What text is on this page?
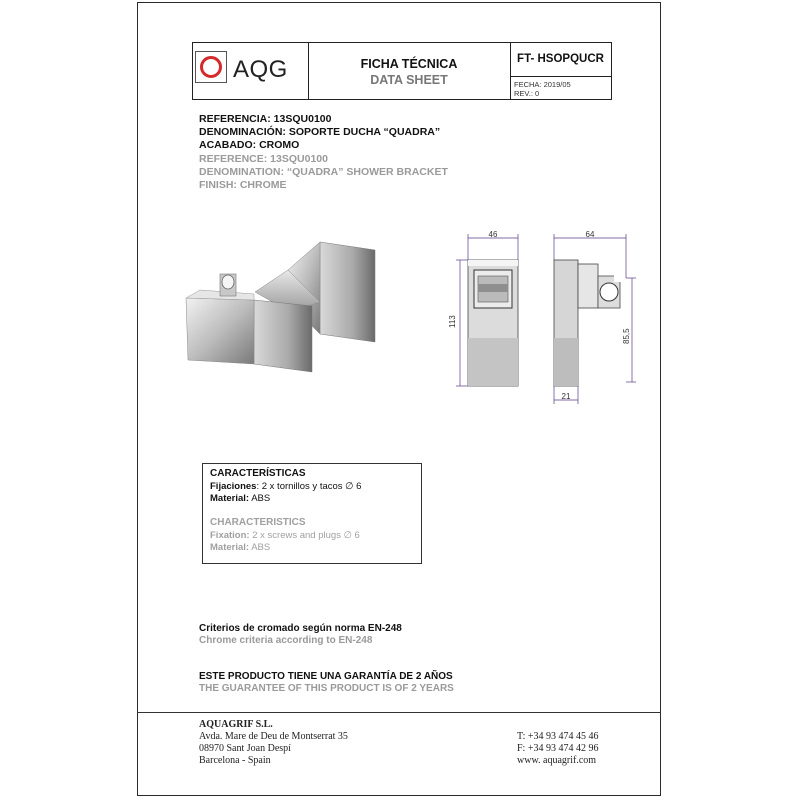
AQG	FICHA TÉCNICA
DATA SHEET
FT- HSOPQUCR
FECHA: 2019/05
REV.: 0
REFERENCIA: 13SQU0100
DENOMINACIÓN: SOPORTE DUCHA “QUADRA”
ACABADO: CROMO
REFERENCE: 13SQU0100
DENOMINATION: “QUADRA” SHOWER BRACKET
FINISH: CHROME
46
113
64
85,5
21
CARACTERÍSTICAS
Fijaciones: 2 x tornillos y tacos ∅ 6
Material: ABS
CHARACTERISTICS
Fixation: 2 x screws and plugs ∅ 6
Material: ABS
Criterios de cromado según norma EN-248
Chrome criteria according to EN-248
ESTE PRODUCTO TIENE UNA GARANTÍA DE 2 AÑOS
THE GUARANTEE OF THIS PRODUCT IS OF 2 YEARS
AQUAGRIF S.L.
Avda. Mare de Deu de Montserrat 35
08970 Sant Joan Despí
Barcelona - Spain
T: +34 93 474 45 46
F: +34 93 474 42 96
www. aquagrif.com
